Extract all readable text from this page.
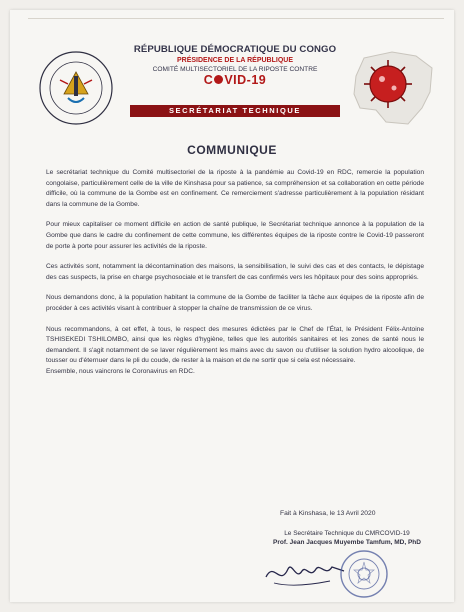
RÉPUBLIQUE DÉMOCRATIQUE DU CONGO
PRÉSIDENCE DE LA RÉPUBLIQUE
COMITÉ MULTISECTORIEL DE LA RIPOSTE CONTRE
C VID-19
SECRÉTARIAT TECHNIQUE
COMMUNIQUE

Le secrétariat technique du Comité multisectoriel de la riposte à la pandémie au Covid-19 en RDC, remercie la population congolaise, particulièrement celle de la ville de Kinshasa pour sa patience, sa compréhension et sa collaboration en cette période difficile, où la commune de la Gombe est en confinement. Ce remerciement s'adresse particulièrement à la population résidant dans la commune de la Gombe.

Pour mieux capitaliser ce moment difficile en action de santé publique, le Secrétariat technique annonce à la population de la Gombe que dans le cadre du confinement de cette commune, les différentes équipes de la riposte contre le Covid-19 passeront de porte à porte pour assurer les activités de la riposte.

Ces activités sont, notamment la décontamination des maisons, la sensibilisation, le suivi des cas et des contacts, le dépistage des cas suspects, la prise en charge psychosociale et le transfert de cas confirmés vers les hôpitaux pour des soins appropriés.

Nous demandons donc, à la population habitant la commune de la Gombe de faciliter la tâche aux équipes de la riposte afin de procéder à ces activités visant à contribuer à stopper la chaîne de transmission de ce virus.

Nous recommandons, à cet effet, à tous, le respect des mesures édictées par le Chef de l'État, le Président Félix-Antoine TSHISEKEDI TSHILOMBO, ainsi que les règles d'hygiène, telles que les autorités sanitaires et les zones de santé nous le demandent. Il s'agit notamment de se laver régulièrement les mains avec du savon ou d'utiliser la solution hydro alcoolique, de tousser ou d'éternuer dans le pli du coude, de rester à la maison et de ne sortir que si cela est nécessaire.

Ensemble, nous vaincrons le Coronavirus en RDC.

Fait à Kinshasa, le 13 Avril 2020
Le Secrétaire Technique du CMRCOVID-19
Prof. Jean Jacques Muyembe Tamfum, MD, PhD
